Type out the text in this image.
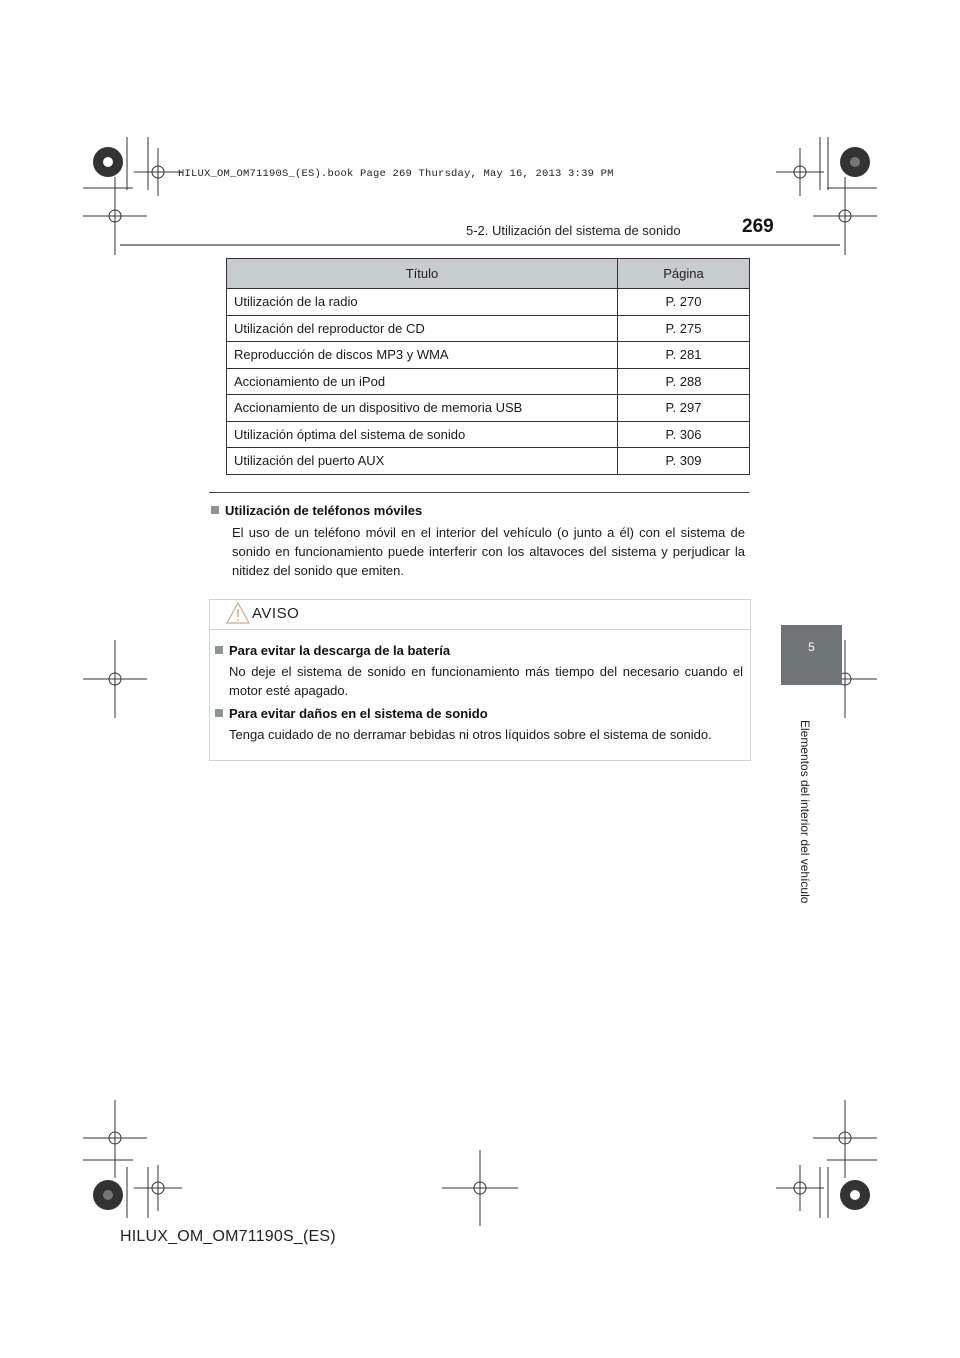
HILUX_OM_OM71190S_(ES).book Page 269 Thursday, May 16, 2013 3:39 PM
5-2. Utilización del sistema de sonido	269
5
Elementos del interior del vehículo
Título	Página
Utilización de la radio	P. 270
Utilización del reproductor de CD	P. 275
Reproducción de discos MP3 y WMA	P. 281
Accionamiento de un iPod	P. 288
Accionamiento de un dispositivo de memoria USB	P. 297
Utilización óptima del sistema de sonido	P. 306
Utilización del puerto AUX	P. 309
Utilización de teléfonos móviles
El uso de un teléfono móvil en el interior del vehículo (o junto a él) con el sistema de sonido en funcionamiento puede interferir con los altavoces del sistema y perjudicar la nitidez del sonido que emiten.
AVISO
Para evitar la descarga de la batería
No deje el sistema de sonido en funcionamiento más tiempo del necesario cuando el motor esté apagado.
Para evitar daños en el sistema de sonido
Tenga cuidado de no derramar bebidas ni otros líquidos sobre el sistema de sonido.
HILUX_OM_OM71190S_(ES)
